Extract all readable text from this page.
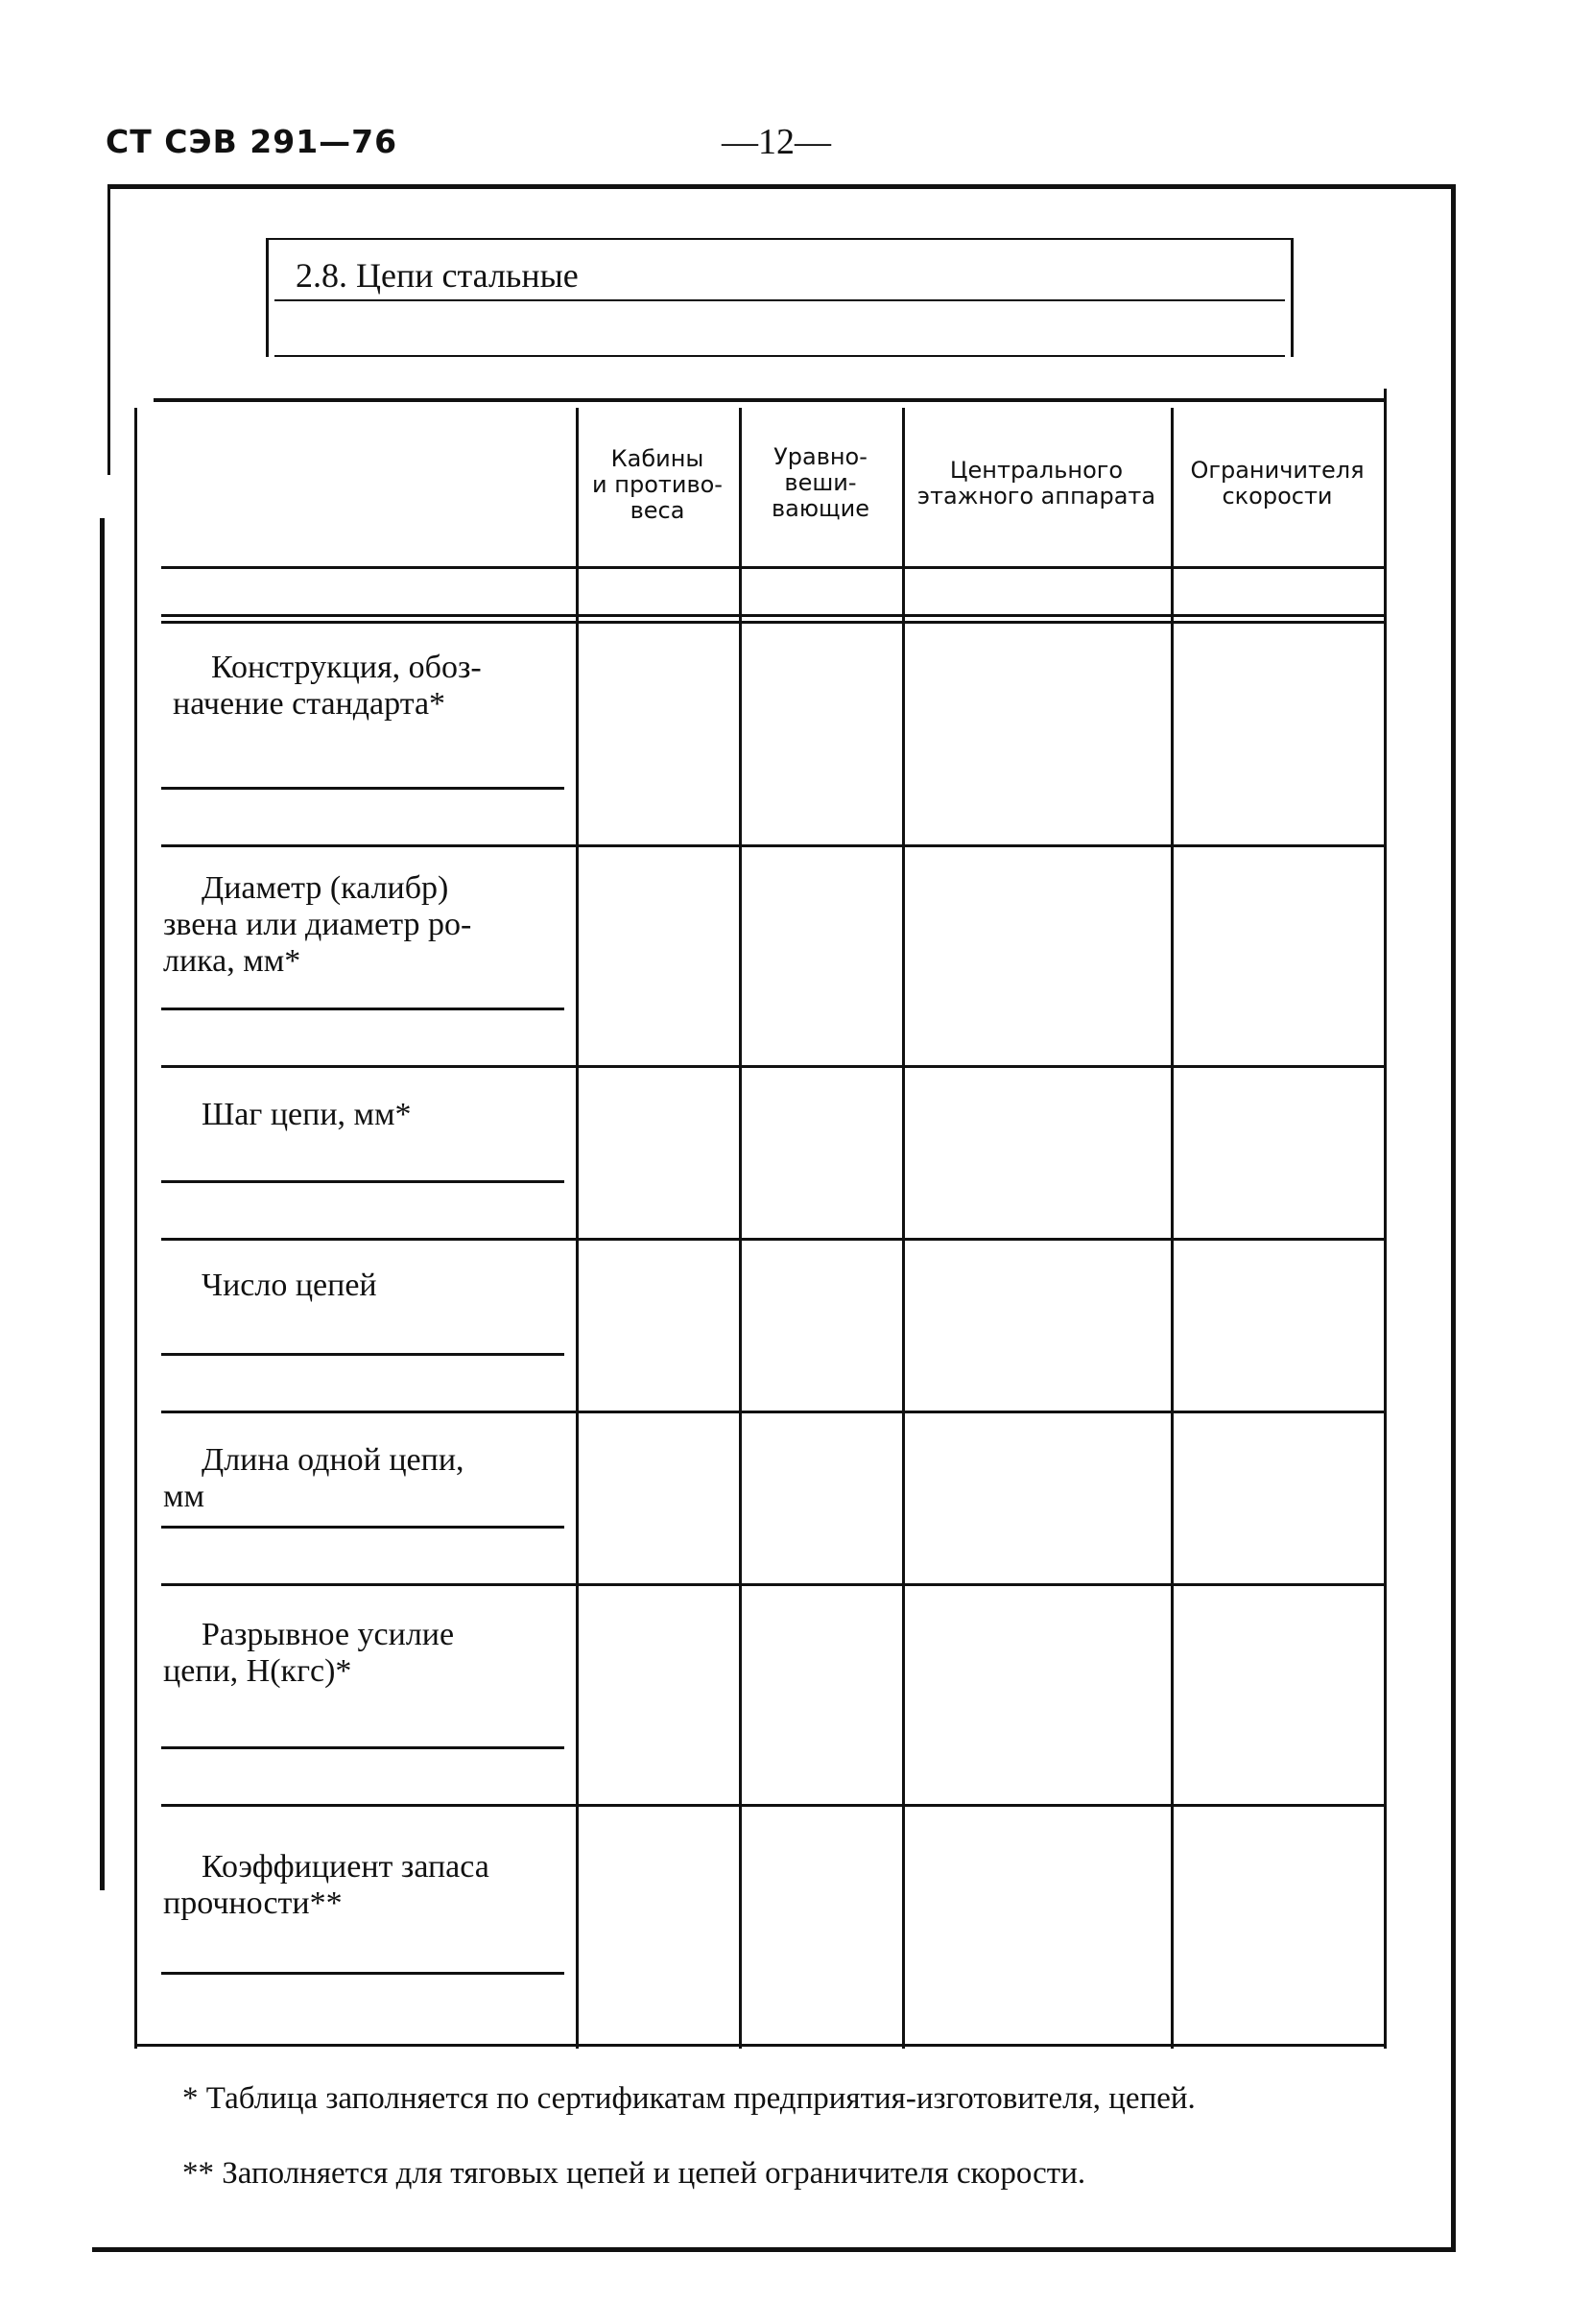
СТ СЭВ 291—76	—12—
2.8. Цепи стальные
Кабины
и противо-
веса
Уравно-
веши-
вающие
Центрального
этажного аппарата
Ограничителя
скорости
Конструкция, обоз-
начение стандарта*
Диаметр (калибр)
звена или диаметр ро-
лика, мм*
Шаг цепи, мм*
Число цепей
Длина одной цепи,
мм
Разрывное усилие
цепи, Н(кгс)*
Коэффициент запаса
прочности**
* Таблица заполняется по сертификатам предприятия-изготовителя, цепей.
** Заполняется для тяговых цепей и цепей ограничителя скорости.
